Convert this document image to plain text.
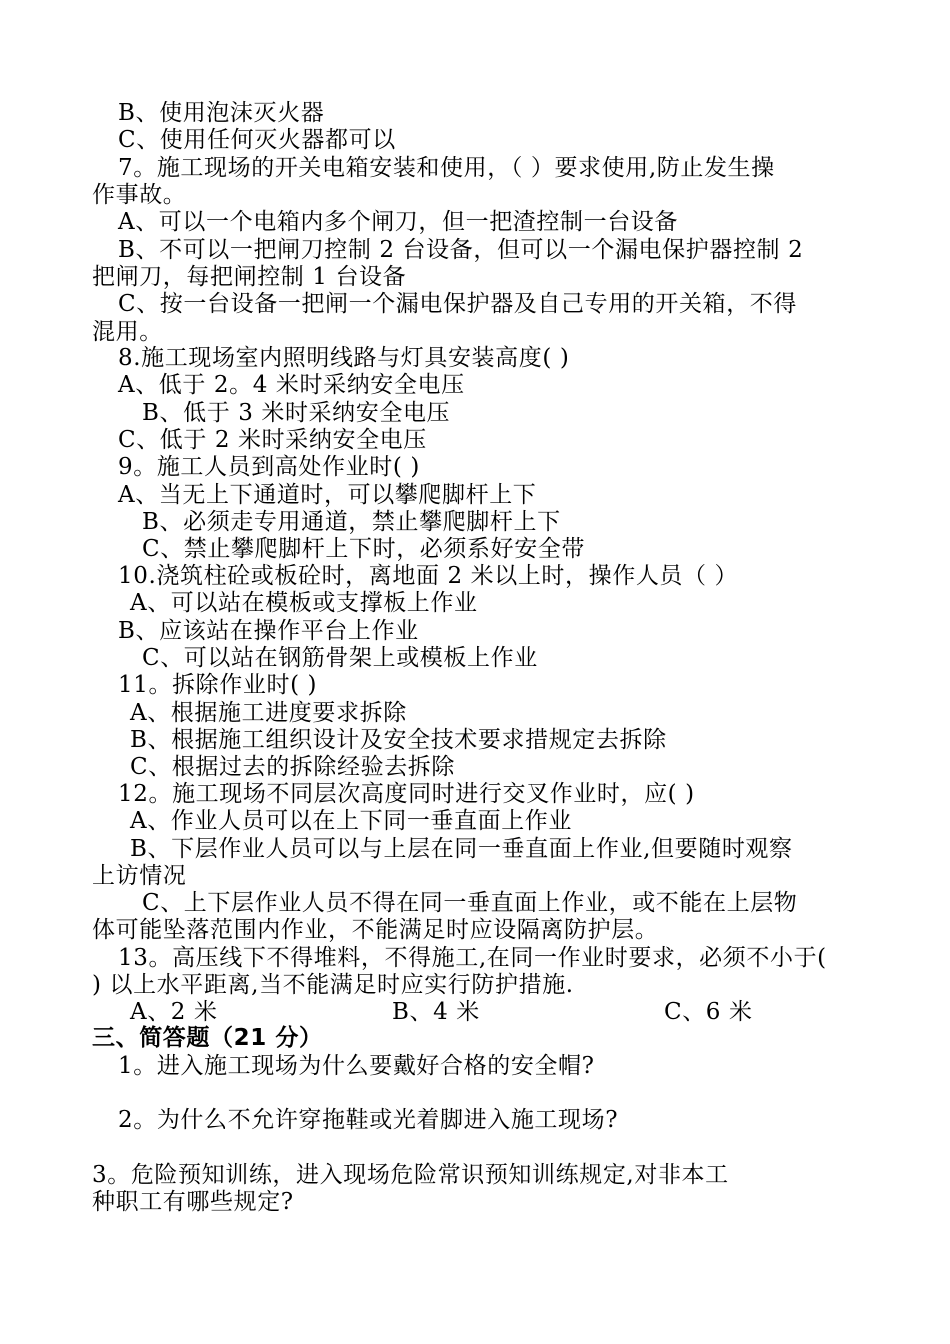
B、使用泡沫灭火器
C、使用任何灭火器都可以
7。施工现场的开关电箱安装和使用，（ ）要求使用,防止发生操
作事故。
A、可以一个电箱内多个闸刀，但一把渣控制一台设备
B、不可以一把闸刀控制 2 台设备，但可以一个漏电保护器控制 2
把闸刀，每把闸控制 1 台设备
C、按一台设备一把闸一个漏电保护器及自己专用的开关箱，不得
混用。
8.施工现场室内照明线路与灯具安装高度( )
A、低于 2。4 米时采纳安全电压
B、低于 3 米时采纳安全电压
C、低于 2 米时采纳安全电压
9。施工人员到高处作业时( )
A、当无上下通道时，可以攀爬脚杆上下
B、必须走专用通道，禁止攀爬脚杆上下
C、禁止攀爬脚杆上下时，必须系好安全带
10.浇筑柱砼或板砼时，离地面 2 米以上时，操作人员（ ）
A、可以站在模板或支撑板上作业
B、应该站在操作平台上作业
C、可以站在钢筋骨架上或模板上作业
11。拆除作业时( )
A、根据施工进度要求拆除
B、根据施工组织设计及安全技术要求措规定去拆除
C、根据过去的拆除经验去拆除
12。施工现场不同层次高度同时进行交叉作业时，应( )
A、作业人员可以在上下同一垂直面上作业
B、下层作业人员可以与上层在同一垂直面上作业,但要随时观察
上访情况
C、上下层作业人员不得在同一垂直面上作业，或不能在上层物
体可能坠落范围内作业，不能满足时应设隔离防护层。
13。高压线下不得堆料，不得施工,在同一作业时要求，必须不小于(
) 以上水平距离,当不能满足时应实行防护措施.
A、2 米	B、4 米	C、6 米
三、简答题（21 分）
1。进入施工现场为什么要戴好合格的安全帽?
2。为什么不允许穿拖鞋或光着脚进入施工现场?
3。危险预知训练，进入现场危险常识预知训练规定,对非本工
种职工有哪些规定?
